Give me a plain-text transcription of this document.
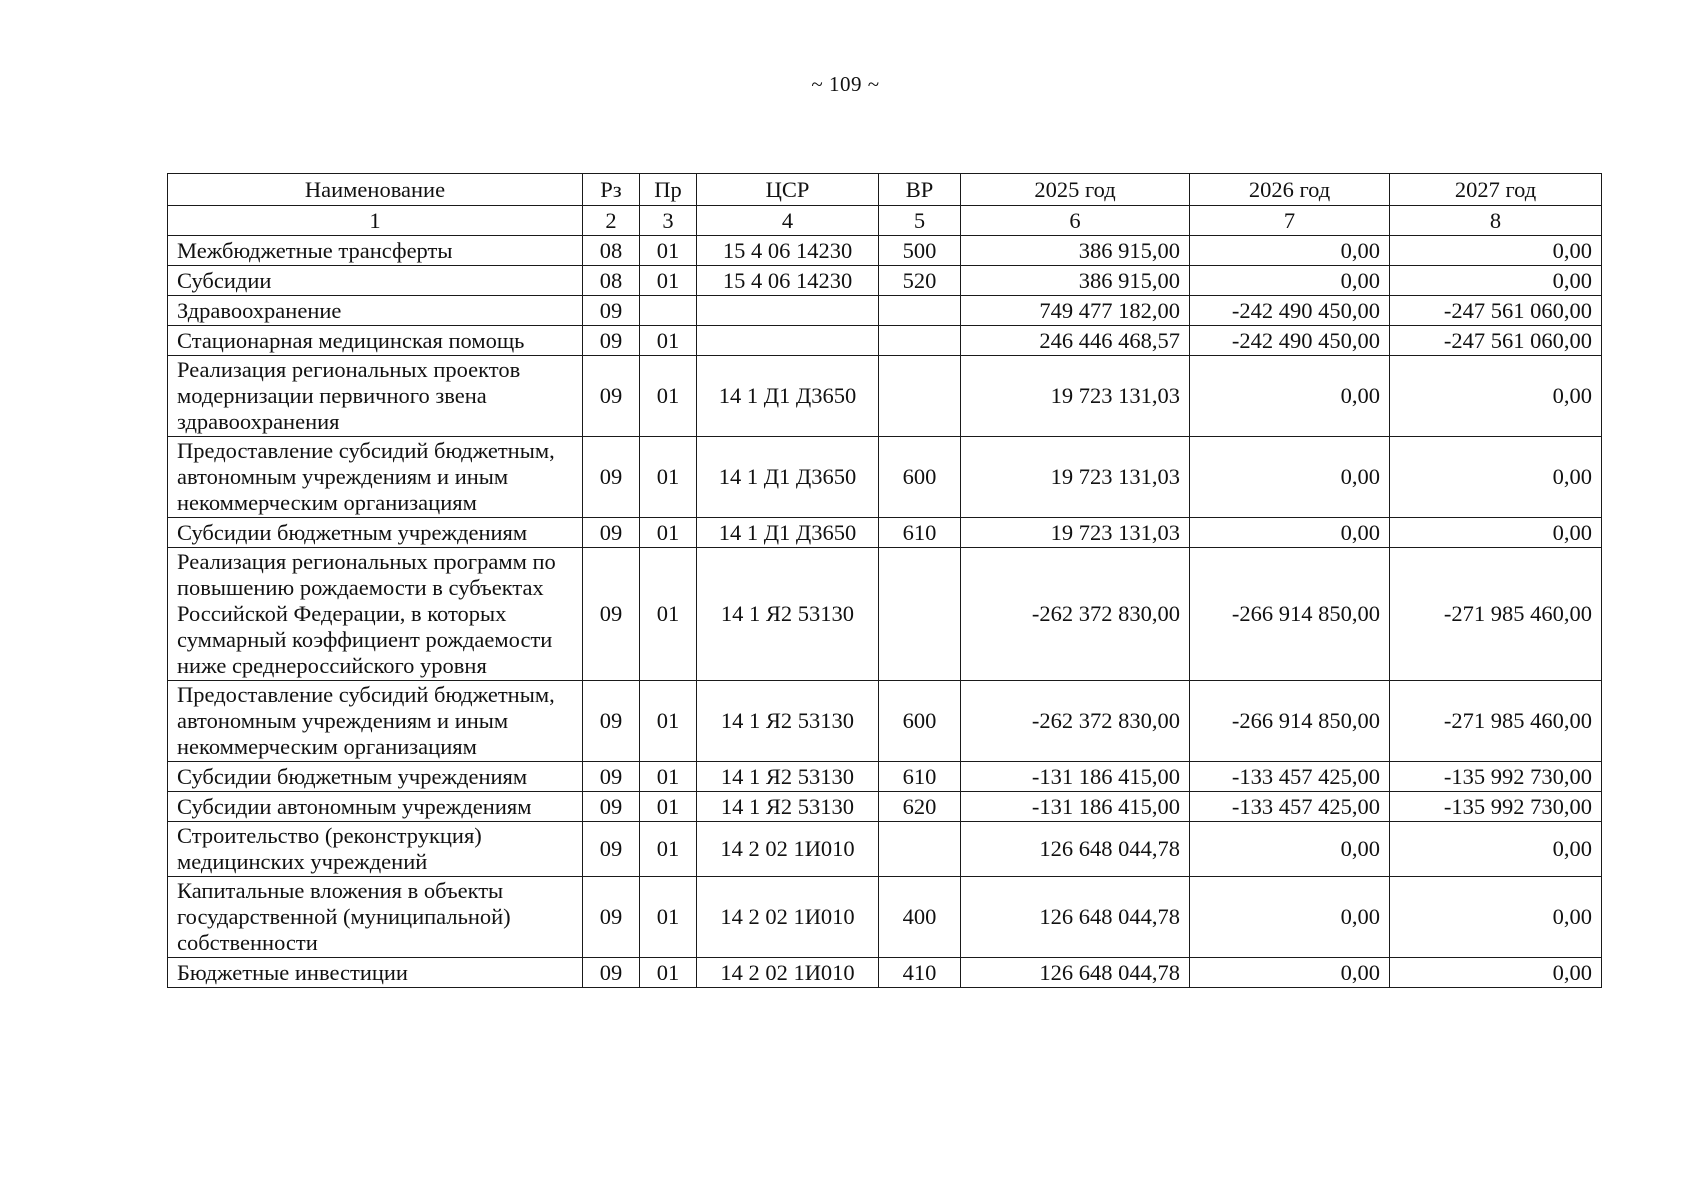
~ 109 ~
Наименование	Рз	Пр	ЦСР	ВР	2025 год	2026 год	2027 год
1	2	3	4	5	6	7	8
Межбюджетные трансферты	08	01	15 4 06 14230	500	386 915,00	0,00	0,00
Субсидии	08	01	15 4 06 14230	520	386 915,00	0,00	0,00
Здравоохранение	09				749 477 182,00	-242 490 450,00	-247 561 060,00
Стационарная медицинская помощь	09	01			246 446 468,57	-242 490 450,00	-247 561 060,00
Реализация региональных проектов модернизации первичного звена здравоохранения	09	01	14 1 Д1 Д3650		19 723 131,03	0,00	0,00
Предоставление субсидий бюджетным, автономным учреждениям и иным некоммерческим организациям	09	01	14 1 Д1 Д3650	600	19 723 131,03	0,00	0,00
Субсидии бюджетным учреждениям	09	01	14 1 Д1 Д3650	610	19 723 131,03	0,00	0,00
Реализация региональных программ по повышению рождаемости в субъектах Российской Федерации, в которых суммарный коэффициент рождаемости ниже среднероссийского уровня	09	01	14 1 Я2 53130		-262 372 830,00	-266 914 850,00	-271 985 460,00
Предоставление субсидий бюджетным, автономным учреждениям и иным некоммерческим организациям	09	01	14 1 Я2 53130	600	-262 372 830,00	-266 914 850,00	-271 985 460,00
Субсидии бюджетным учреждениям	09	01	14 1 Я2 53130	610	-131 186 415,00	-133 457 425,00	-135 992 730,00
Субсидии автономным учреждениям	09	01	14 1 Я2 53130	620	-131 186 415,00	-133 457 425,00	-135 992 730,00
Строительство (реконструкция) медицинских учреждений	09	01	14 2 02 1И010		126 648 044,78	0,00	0,00
Капитальные вложения в объекты государственной (муниципальной) собственности	09	01	14 2 02 1И010	400	126 648 044,78	0,00	0,00
Бюджетные инвестиции	09	01	14 2 02 1И010	410	126 648 044,78	0,00	0,00
